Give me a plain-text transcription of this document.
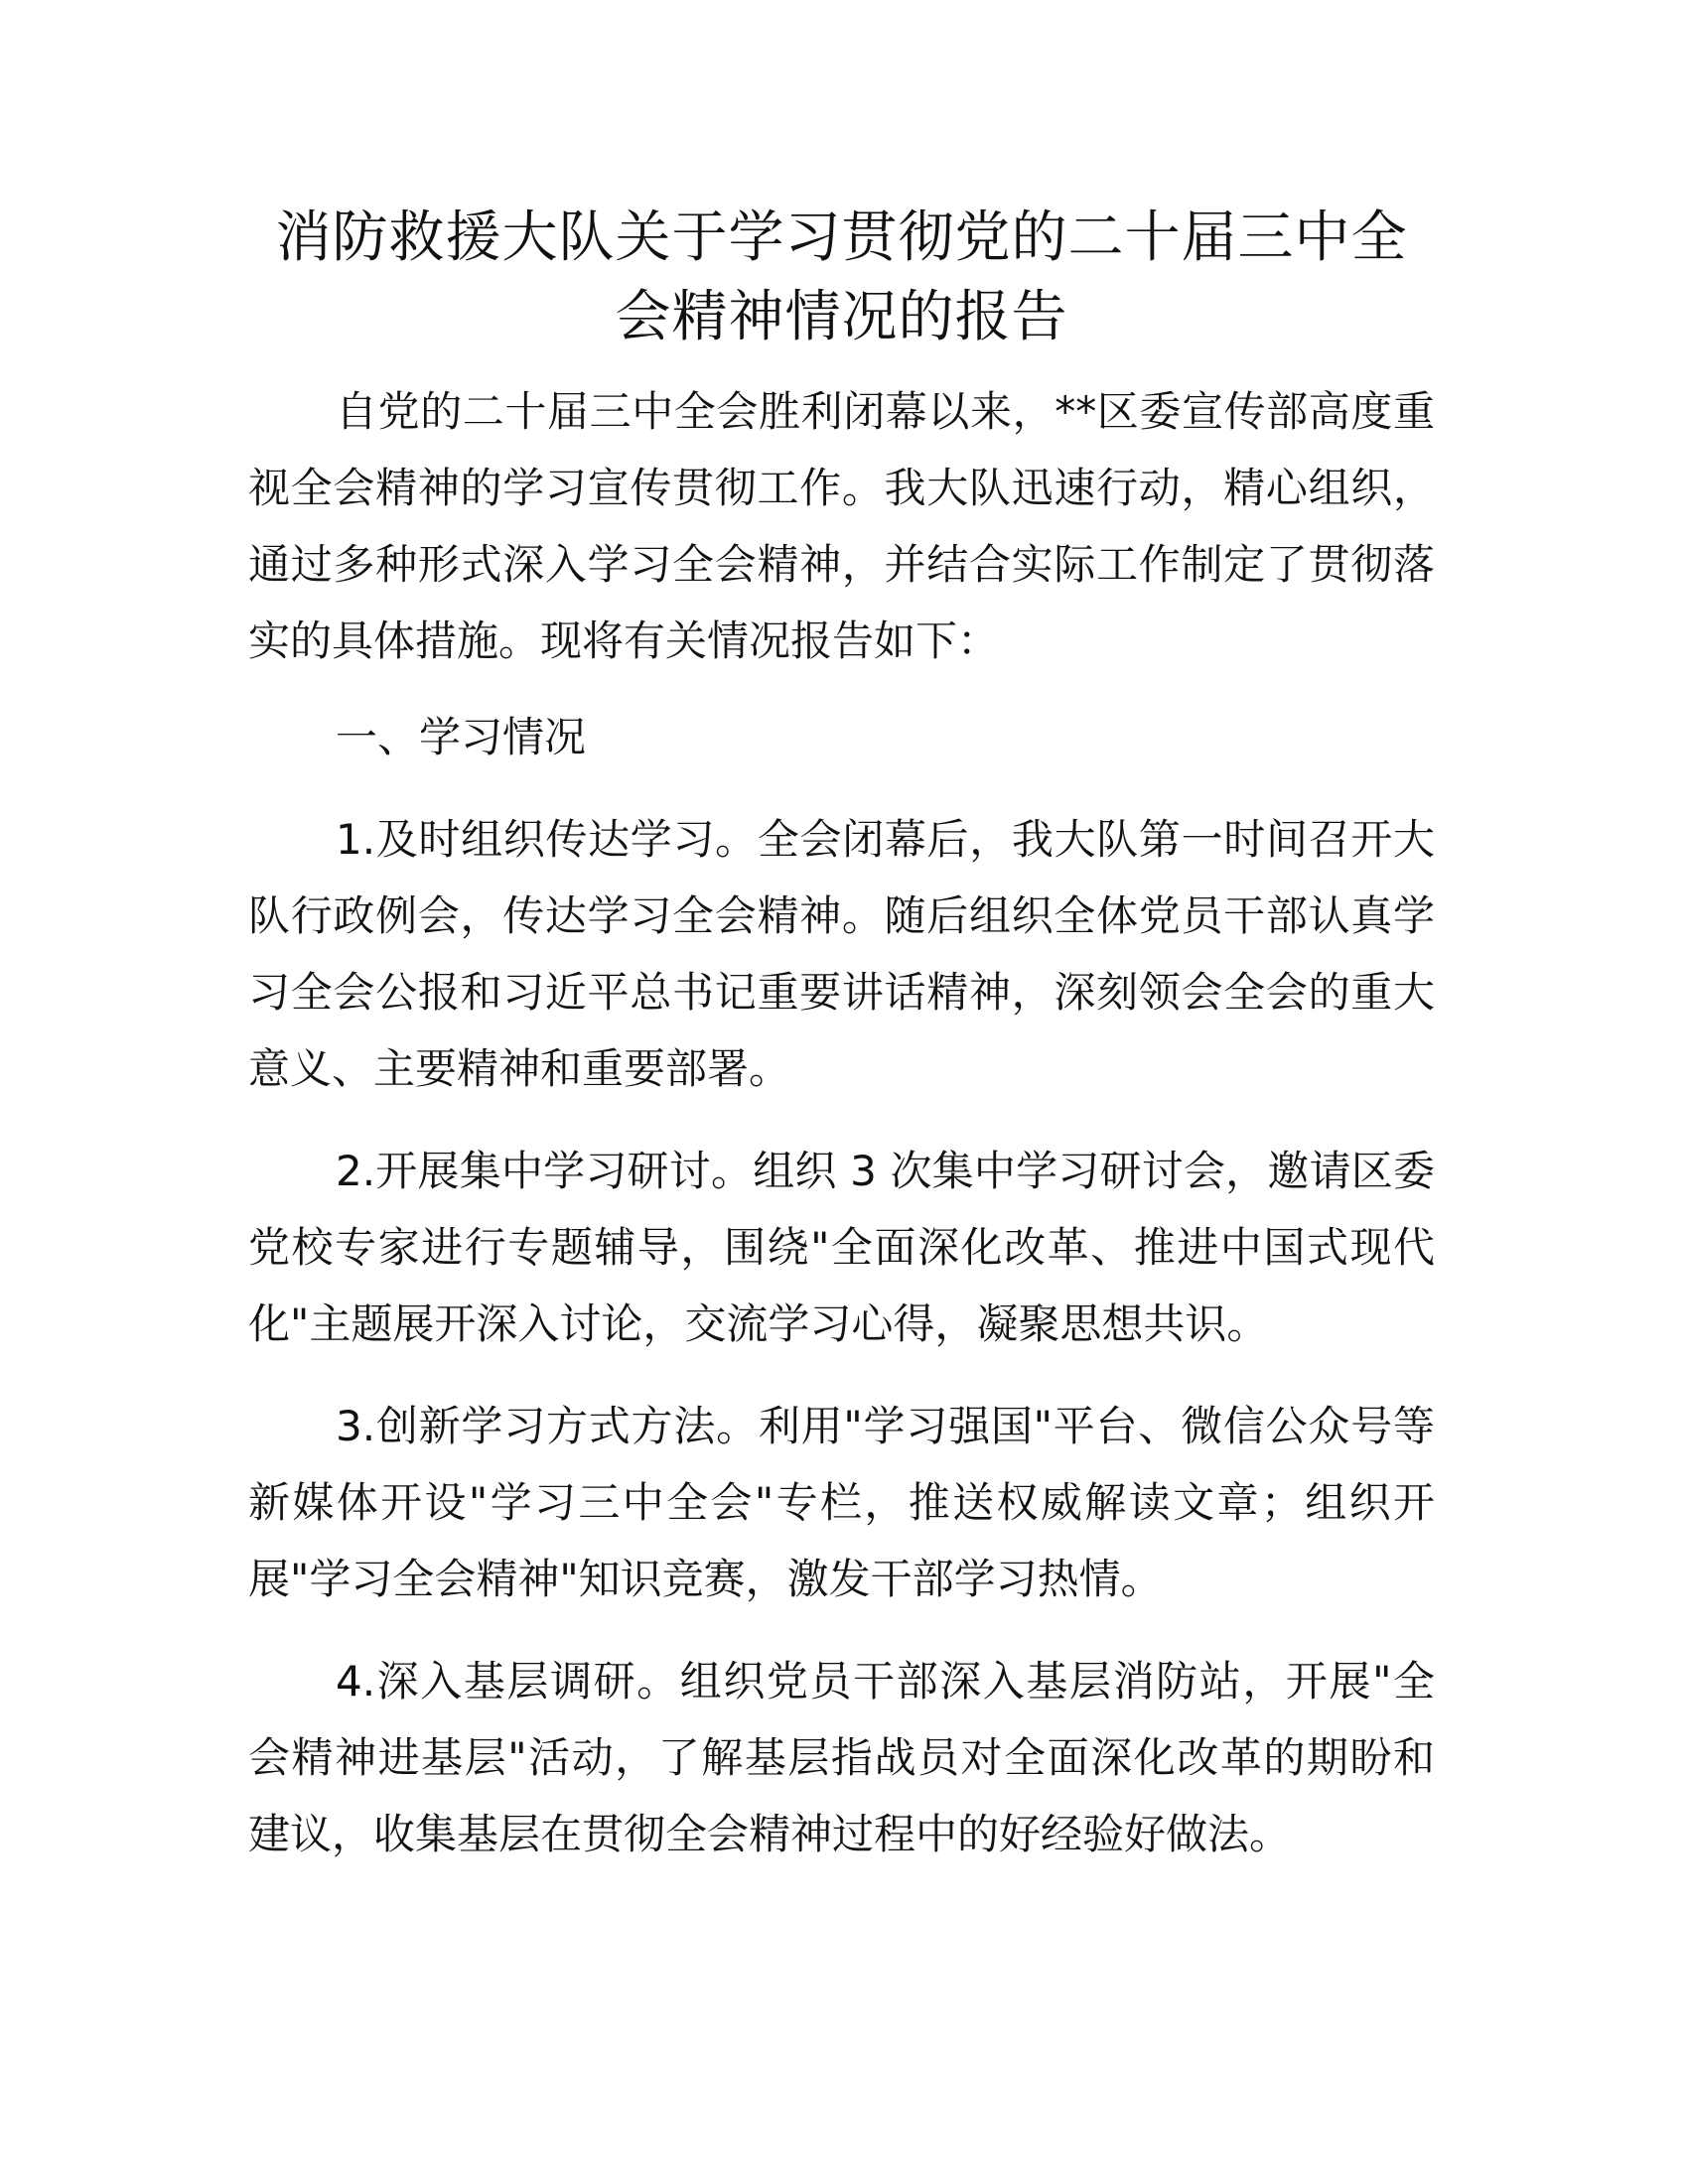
消防救援大队关于学习贯彻党的二十届三中全
会精神情况的报告

自党的二十届三中全会胜利闭幕以来，**区委宣传部高度重视全会精神的学习宣传贯彻工作。我大队迅速行动，精心组织，通过多种形式深入学习全会精神，并结合实际工作制定了贯彻落实的具体措施。现将有关情况报告如下：

一、学习情况

1.及时组织传达学习。全会闭幕后，我大队第一时间召开大队行政例会，传达学习全会精神。随后组织全体党员干部认真学习全会公报和习近平总书记重要讲话精神，深刻领会全会的重大意义、主要精神和重要部署。

2.开展集中学习研讨。组织 3 次集中学习研讨会，邀请区委党校专家进行专题辅导，围绕"全面深化改革、推进中国式现代化"主题展开深入讨论，交流学习心得，凝聚思想共识。

3.创新学习方式方法。利用"学习强国"平台、微信公众号等新媒体开设"学习三中全会"专栏，推送权威解读文章；组织开展"学习全会精神"知识竞赛，激发干部学习热情。

4.深入基层调研。组织党员干部深入基层消防站，开展"全会精神进基层"活动，了解基层指战员对全面深化改革的期盼和建议，收集基层在贯彻全会精神过程中的好经验好做法。
